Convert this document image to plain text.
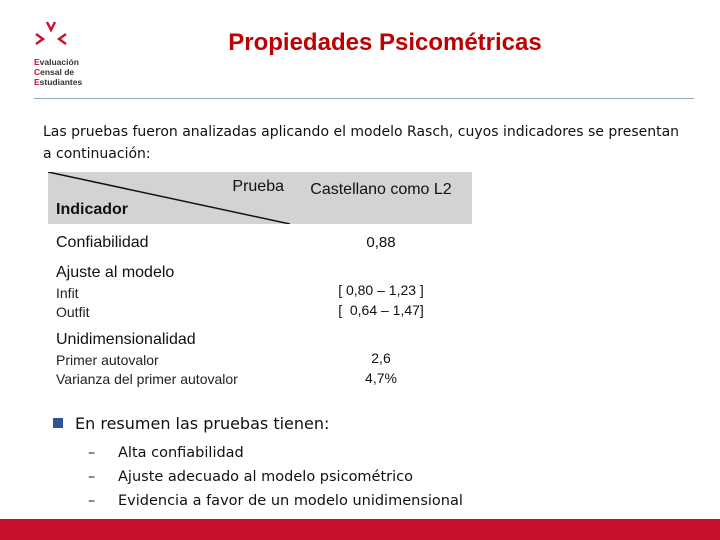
Evaluación
Censal de
Estudiantes
Propiedades Psicométricas
Las pruebas fueron analizadas aplicando el modelo Rasch, cuyos indicadores se presentan a continuación:
Prueba
Indicador
Castellano como L2
Confiabilidad	0,88
Ajuste al modelo
Infit
Outfit
[ 0,80 – 1,23 ]
[  0,64 – 1,47]
Unidimensionalidad
Primer autovalor
Varianza del primer autovalor
2,6
4,7%
En resumen las pruebas tienen:
– Alta confiabilidad
– Ajuste adecuado al modelo psicométrico
– Evidencia a favor de un modelo unidimensional
